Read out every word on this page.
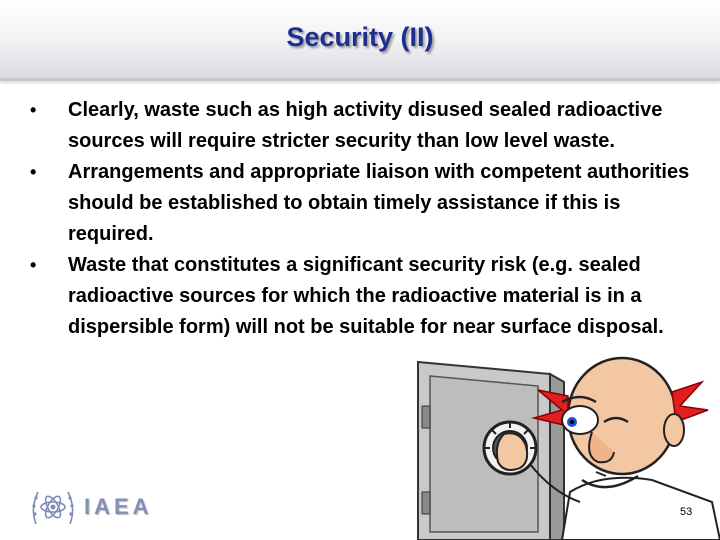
Security (II)
• Clearly, waste such as high activity disused sealed radioactive sources will require stricter security than low level waste.
• Arrangements and appropriate liaison with competent authorities should be established to obtain timely assistance if this is required.
• Waste that constitutes a significant security risk (e.g. sealed radioactive sources for which the radioactive material is in a dispersible form) will not be suitable for near surface disposal.
IAEA	53
